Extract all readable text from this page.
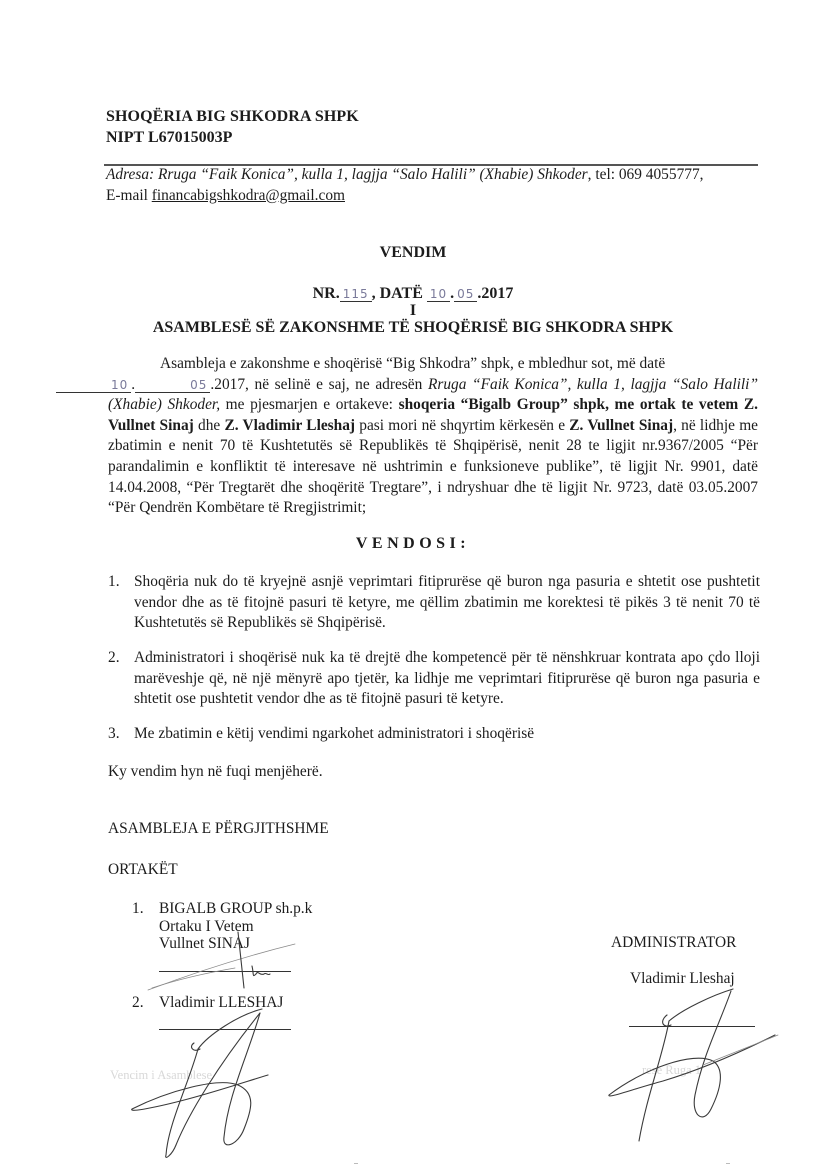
SHOQËRIA BIG SHKODRA SHPK
NIPT L67015003P
Adresa: Rruga “Faik Konica”, kulla 1, lagjja “Salo Halili” (Xhabie) Shkoder, tel: 069 4055777,
E-mail financabigshkodra@gmail.com
VENDIM
NR. 115 , DATË 10 . 05 .2017
I
ASAMBLESË SË ZAKONSHME TË SHOQËRISË BIG SHKODRA SHPK
Asambleja e zakonshme e shoqërisë “Big Shkodra” shpk, e mbledhur sot, më datë
10 .	05 .2017, në selinë e saj, ne adresën Rruga “Faik Konica”, kulla 1, lagjja “Salo Halili” (Xhabie) Shkoder, me pjesmarjen e ortakeve: shoqeria “Bigalb Group” shpk, me ortak te vetem Z. Vullnet Sinaj dhe Z. Vladimir Lleshaj pasi mori në shqyrtim kërkesën e Z. Vullnet Sinaj, në lidhje me zbatimin e nenit 70 të Kushtetutës së Republikës të Shqipërisë, nenit 28 te ligjit nr.9367/2005 “Për parandalimin e konfliktit të interesave në ushtrimin e funksioneve publike”, të ligjit Nr. 9901, datë 14.04.2008, “Për Tregtarët dhe shoqëritë Tregtare”, i ndryshuar dhe të ligjit Nr. 9723, datë 03.05.2007 “Për Qendrën Kombëtare të Rregjistrimit;
VENDOSI:
1. Shoqëria nuk do të kryejnë asnjë veprimtari fitiprurëse që buron nga pasuria e shtetit ose pushtetit vendor dhe as të fitojnë pasuri të ketyre, me qëllim zbatimin me korektesi të pikës 3 të nenit 70 të Kushtetutës së Republikës së Shqipërisë.
2. Administratori i shoqërisë nuk ka të drejtë dhe kompetencë për të nënshkruar kontrata apo çdo lloji marëveshje që, në një mënyrë apo tjetër, ka lidhje me veprimtari fitiprurëse që buron nga pasuria e shtetit ose pushtetit vendor dhe as të fitojnë pasuri të ketyre.
3. Me zbatimin e këtij vendimi ngarkohet administratori i shoqërisë
Ky vendim hyn në fuqi menjëherë.
ASAMBLEJA E PËRGJITHSHME
ORTAKËT
1. BIGALB GROUP sh.p.k
Ortaku I Vetem
Vullnet SINAJ
2. Vladimir LLESHAJ
ADMINISTRATOR
Vladimir Lleshaj
Vencim i Asamblese	rese Ruga 1
